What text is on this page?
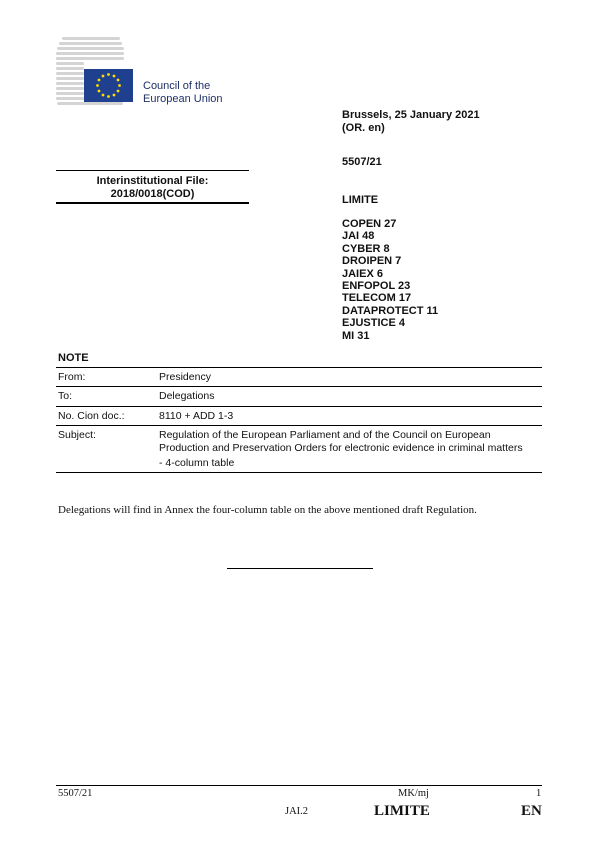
Council of the
European Union
Brussels, 25 January 2021
(OR. en)
5507/21
LIMITE
COPEN 27
JAI 48
CYBER 8
DROIPEN 7
JAIEX 6
ENFOPOL 23
TELECOM 17
DATAPROTECT 11
EJUSTICE 4
MI 31
Interinstitutional File:
2018/0018(COD)
NOTE
From:	Presidency
To:	Delegations
No. Cion doc.:	8110 + ADD 1-3
Subject:	Regulation of the European Parliament and of the Council on European Production and Preservation Orders for electronic evidence in criminal matters
- 4-column table
Delegations will find in Annex the four-column table on the above mentioned draft Regulation.
5507/21	MK/mj	1
JAI.2	LIMITE	EN
